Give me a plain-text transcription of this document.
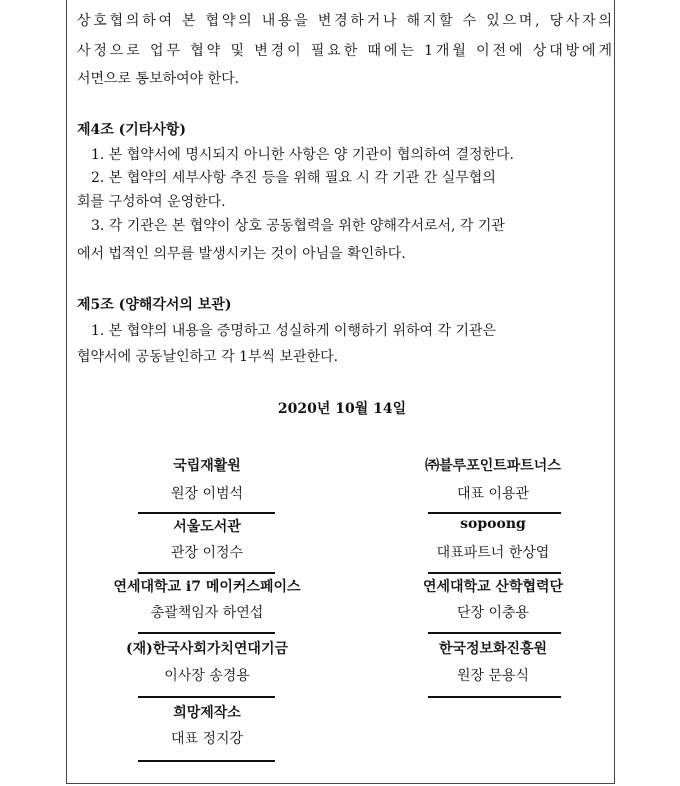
상호협의하여 본 협약의 내용을 변경하거나 해지할 수 있으며, 당사자의
사정으로 업무 협약 및 변경이 필요한 때에는 1개월 이전에 상대방에게
서면으로 통보하여야 한다.
제4조 (기타사항)
1. 본 협약서에 명시되지 아니한 사항은 양 기관이 협의하여 결정한다.
2. 본 협약의 세부사항 추진 등을 위해 필요 시 각 기관 간 실무협의
회를 구성하여 운영한다.
3. 각 기관은 본 협약이 상호 공동협력을 위한 양해각서로서, 각 기관
에서 법적인 의무를 발생시키는 것이 아님을 확인하다.
제5조 (양해각서의 보관)
1. 본 협약의 내용을 증명하고 성실하게 이행하기 위하여 각 기관은
협약서에 공동날인하고 각 1부씩 보관한다.
2020년 10월 14일
국립재활원
원장 이범석
서울도서관
관장 이정수
연세대학교 i7 메이커스페이스
총괄책임자 하연섭
(재)한국사회가치연대기금
이사장 송경용
희망제작소
대표 정지강
㈜블루포인트파트너스
대표 이용관
sopoong
대표파트너 한상엽
연세대학교 산학협력단
단장 이충용
한국정보화진흥원
원장 문용식
